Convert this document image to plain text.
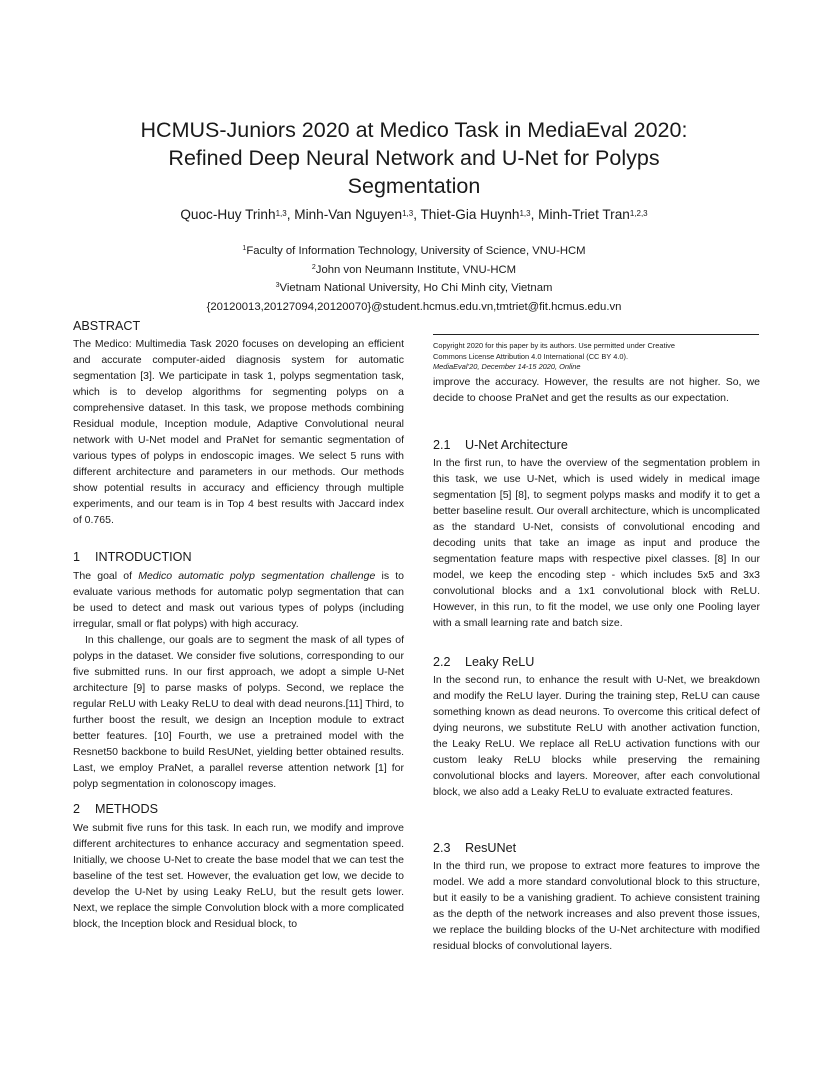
HCMUS-Juniors 2020 at Medico Task in MediaEval 2020:
Refined Deep Neural Network and U-Net for Polyps
Segmentation
Quoc-Huy Trinh$^{1,3}$, Minh-Van Nguyen$^{1,3}$, Thiet-Gia Huynh$^{1,3}$, Minh-Triet Tran$^{1,2,3}$
$^1$Faculty of Information Technology, University of Science, VNU-HCM
$^2$John von Neumann Institute, VNU-HCM
$^3$Vietnam National University, Ho Chi Minh city, Vietnam
{20120013,20127094,20120070}@student.hcmus.edu.vn,tmtriet@fit.hcmus.edu.vn
ABSTRACT

The Medico: Multimedia Task 2020 focuses on developing an efficient and accurate computer-aided diagnosis system for automatic segmentation [3]. We participate in task 1, polyps segmentation task, which is to develop algorithms for segmenting polyps on a comprehensive dataset. In this task, we propose methods combining Residual module, Inception module, Adaptive Convolutional neural network with U-Net model and PraNet for semantic segmentation of various types of polyps in endoscopic images. We select 5 runs with different architecture and parameters in our methods. Our methods show potential results in accuracy and efficiency through multiple experiments, and our team is in Top 4 best results with Jaccard index of 0.765.

1 INTRODUCTION

The goal of Medico automatic polyp segmentation challenge is to evaluate various methods for automatic polyp segmentation that can be used to detect and mask out various types of polyps (including irregular, small or flat polyps) with high accuracy.

In this challenge, our goals are to segment the mask of all types of polyps in the dataset. We consider five solutions, corresponding to our five submitted runs. In our first approach, we adopt a simple U-Net architecture [9] to parse masks of polyps. Second, we replace the regular ReLU with Leaky ReLU to deal with dead neurons.[11] Third, to further boost the result, we design an Inception module to extract better features. [10] Fourth, we use a pretrained model with the Resnet50 backbone to build ResUNet, yielding better obtained results. Last, we employ PraNet, a parallel reverse attention network [1] for polyp segmentation in colonoscopy images.

2 METHODS

We submit five runs for this task. In each run, we modify and improve different architectures to enhance accuracy and segmentation speed. Initially, we choose U-Net to create the base model that we can test the baseline of the test set. However, the evaluation get low, we decide to develop the U-Net by using Leaky ReLU, but the result gets lower. Next, we replace the simple Convolution block with a more complicated block, the Inception block and Residual block, to

Copyright 2020 for this paper by its authors. Use permitted under Creative
Commons License Attribution 4.0 International (CC BY 4.0).
MediaEval’20, December 14-15 2020, Online

improve the accuracy. However, the results are not higher. So, we decide to choose PraNet and get the results as our expectation.

2.1 U-Net Architecture

In the first run, to have the overview of the segmentation problem in this task, we use U-Net, which is used widely in medical image segmentation [5] [8], to segment polyps masks and modify it to get a better baseline result. Our overall architecture, which is uncomplicated as the standard U-Net, consists of convolutional encoding and decoding units that take an image as input and produce the segmentation feature maps with respective pixel classes. [8] In our model, we keep the encoding step - which includes 5x5 and 3x3 convolutional blocks and a 1x1 convolutional block with ReLU. However, in this run, to fit the model, we use only one Pooling layer with a small learning rate and batch size.

2.2 Leaky ReLU

In the second run, to enhance the result with U-Net, we breakdown and modify the ReLU layer. During the training step, ReLU can cause something known as dead neurons. To overcome this critical defect of dying neurons, we substitute ReLU with another activation function, the Leaky ReLU. We replace all ReLU activation functions with our custom leaky ReLU blocks while preserving the remaining convolutional blocks and layers. Moreover, after each convolutional block, we also add a Leaky ReLU to evaluate extracted features.

2.3 ResUNet

In the third run, we propose to extract more features to improve the model. We add a more standard convolutional block to this structure, but it easily to be a vanishing gradient. To achieve consistent training as the depth of the network increases and also prevent those issues, we replace the building blocks of the U-Net architecture with modified residual blocks of convolutional layers.
